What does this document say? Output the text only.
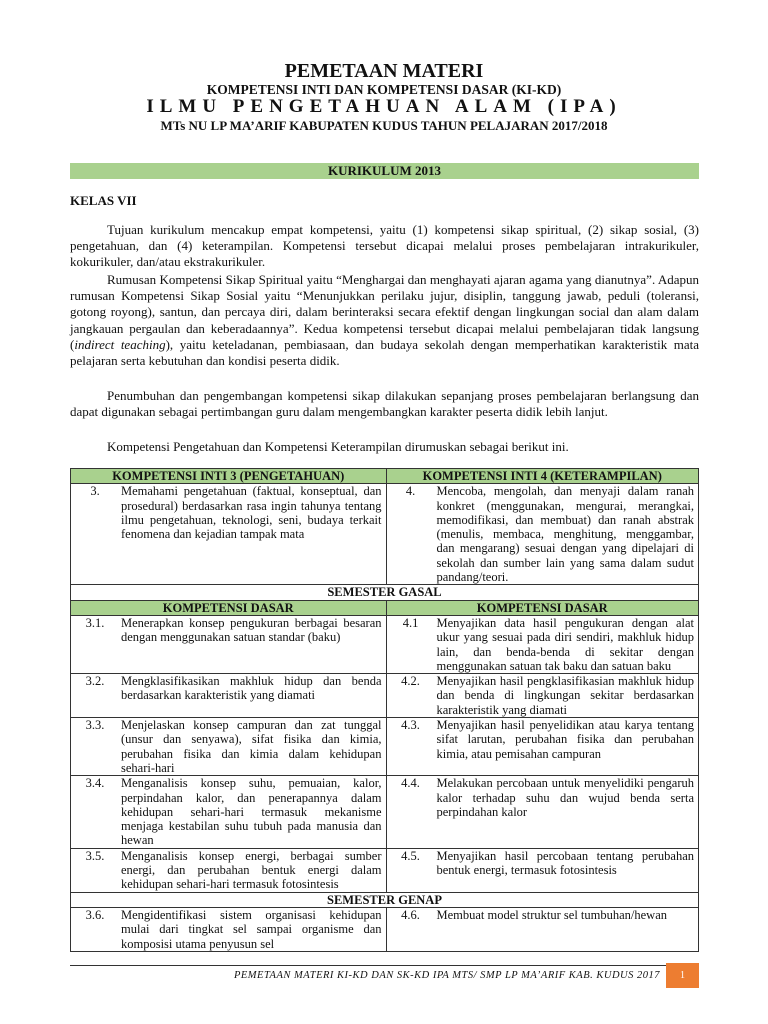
PEMETAAN MATERI
KOMPETENSI INTI DAN KOMPETENSI DASAR (KI-KD)
ILMU PENGETAHUAN ALAM (IPA)
MTs NU LP MA’ARIF KABUPATEN KUDUS TAHUN PELAJARAN 2017/2018
KURIKULUM 2013
KELAS VII

Tujuan kurikulum mencakup empat kompetensi, yaitu (1) kompetensi sikap spiritual, (2) sikap sosial, (3) pengetahuan, dan (4) keterampilan. Kompetensi tersebut dicapai melalui proses pembelajaran intrakurikuler, kokurikuler, dan/atau ekstrakurikuler.

Rumusan Kompetensi Sikap Spiritual yaitu “Menghargai dan menghayati ajaran agama yang dianutnya”. Adapun rumusan Kompetensi Sikap Sosial yaitu “Menunjukkan perilaku jujur, disiplin, tanggung jawab, peduli (toleransi, gotong royong), santun, dan percaya diri, dalam berinteraksi secara efektif dengan lingkungan social dan alam dalam jangkauan pergaulan dan keberadaannya”. Kedua kompetensi tersebut dicapai melalui pembelajaran tidak langsung (indirect teaching), yaitu keteladanan, pembiasaan, dan budaya sekolah dengan memperhatikan karakteristik mata pelajaran serta kebutuhan dan kondisi peserta didik.

Penumbuhan dan pengembangan kompetensi sikap dilakukan sepanjang proses pembelajaran berlangsung dan dapat digunakan sebagai pertimbangan guru dalam mengembangkan karakter peserta didik lebih lanjut.

Kompetensi Pengetahuan dan Kompetensi Keterampilan dirumuskan sebagai berikut ini.

KOMPETENSI INTI 3 (PENGETAHUAN)	KOMPETENSI INTI 4 (KETERAMPILAN)

3. Memahami pengetahuan (faktual, konseptual, dan prosedural) berdasarkan rasa ingin tahunya tentang ilmu pengetahuan, teknologi, seni, budaya terkait fenomena dan kejadian tampak mata	4. Mencoba, mengolah, dan menyaji dalam ranah konkret (menggunakan, mengurai, merangkai, memodifikasi, dan membuat) dan ranah abstrak (menulis, membaca, menghitung, menggambar, dan mengarang) sesuai dengan yang dipelajari di sekolah dan sumber lain yang sama dalam sudut pandang/teori.

SEMESTER GASAL	
KOMPETENSI DASAR	KOMPETENSI DASAR

3.1. Menerapkan konsep pengukuran berbagai besaran dengan menggunakan satuan standar (baku)	4.1 Menyajikan data hasil pengukuran dengan alat ukur yang sesuai pada diri sendiri, makhluk hidup lain, dan benda-benda di sekitar dengan menggunakan satuan tak baku dan satuan baku

3.2. Mengklasifikasikan makhluk hidup dan benda berdasarkan karakteristik yang diamati	4.2. Menyajikan hasil pengklasifikasian makhluk hidup dan benda di lingkungan sekitar berdasarkan karakteristik yang diamati

3.3. Menjelaskan konsep campuran dan zat tunggal (unsur dan senyawa), sifat fisika dan kimia, perubahan fisika dan kimia dalam kehidupan sehari-hari	4.3. Menyajikan hasil penyelidikan atau karya tentang sifat larutan, perubahan fisika dan perubahan kimia, atau pemisahan campuran

3.4. Menganalisis konsep suhu, pemuaian, kalor, perpindahan kalor, dan penerapannya dalam kehidupan sehari-hari termasuk mekanisme menjaga kestabilan suhu tubuh pada manusia dan hewan	4.4. Melakukan percobaan untuk menyelidiki pengaruh kalor terhadap suhu dan wujud benda serta perpindahan kalor

3.5. Menganalisis konsep energi, berbagai sumber energi, dan perubahan bentuk energi dalam kehidupan sehari-hari termasuk fotosintesis	4.5. Menyajikan hasil percobaan tentang perubahan bentuk energi, termasuk fotosintesis

SEMESTER GENAP	

3.6. Mengidentifikasi sistem organisasi kehidupan mulai dari tingkat sel sampai organisme dan komposisi utama penyusun sel	4.6. Membuat model struktur sel tumbuhan/hewan
PEMETAAN MATERI KI-KD DAN SK-KD IPA MTS/ SMP LP MA’ARIF KAB. KUDUS 2017	1
